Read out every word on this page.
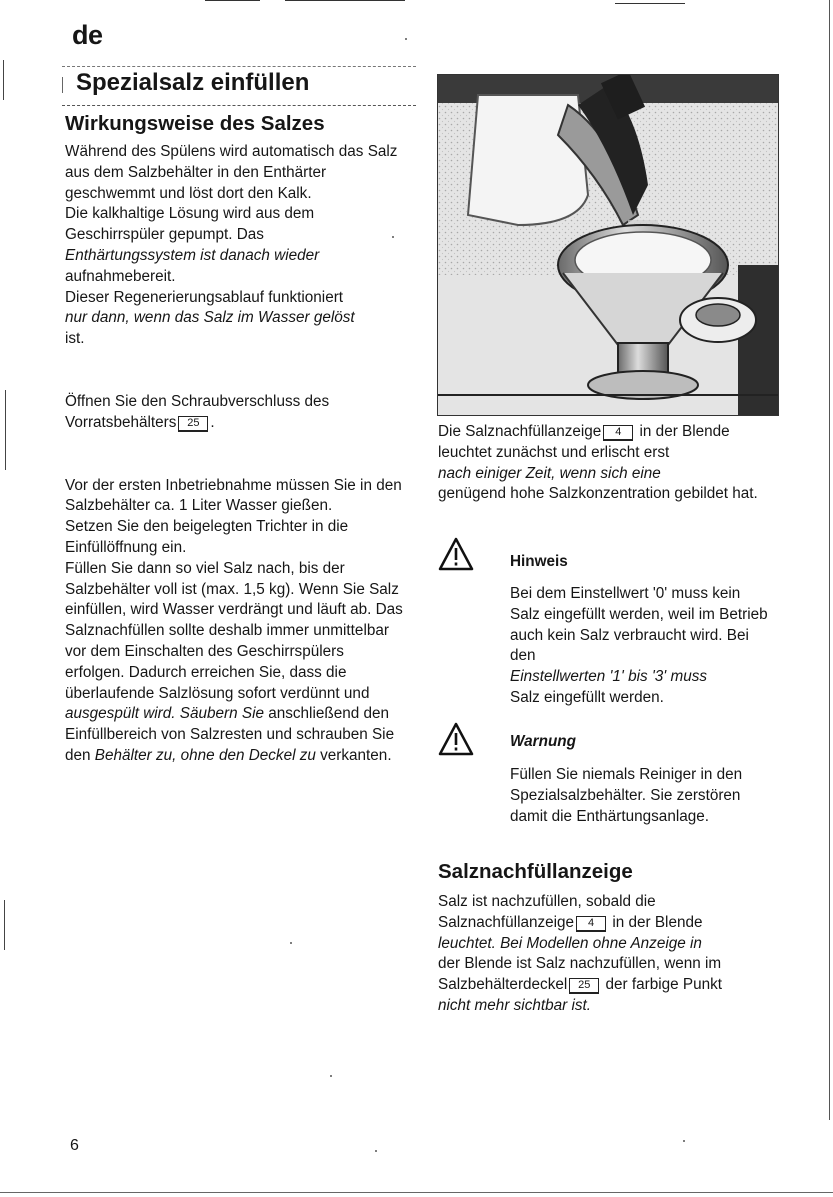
de
Spezialsalz einfüllen
Wirkungsweise des Salzes

Während des Spülens wird automatisch das Salz aus dem Salzbehälter in den Enthärter geschwemmt und löst dort den Kalk.
Die kalkhaltige Lösung wird aus dem Geschirrspüler gepumpt. Das
Enthärtungssystem ist danach wieder
aufnahmebereit.
Dieser Regenerierungsablauf funktioniert
nur dann, wenn das Salz im Wasser gelöst
ist.

Öffnen Sie den Schraubverschluss des Vorratsbehälters 25 .

Vor der ersten Inbetriebnahme müssen Sie in den Salzbehälter ca. 1 Liter Wasser gießen.

Setzen Sie den beigelegten Trichter in die Einfüllöffnung ein.

Füllen Sie dann so viel Salz nach, bis der Salzbehälter voll ist (max. 1,5 kg). Wenn Sie Salz einfüllen, wird Wasser verdrängt und läuft ab. Das Salznachfüllen sollte deshalb immer unmittelbar vor dem Einschalten des Geschirrspülers erfolgen. Dadurch erreichen Sie, dass die überlaufende Salzlösung sofort verdünnt und ausgespült wird. Säubern Sie anschließend den Einfüllbereich von Salzresten und schrauben Sie den Behälter zu, ohne den Deckel zu verkanten.

Die Salznachfüllanzeige 4 in der Blende leuchtet zunächst und erlischt erst
nach einiger Zeit, wenn sich eine
genügend hohe Salzkonzentration gebildet hat.
Hinweis
Bei dem Einstellwert '0' muss kein Salz eingefüllt werden, weil im Betrieb auch kein Salz verbraucht wird. Bei den
Einstellwerten '1' bis '3' muss
Salz eingefüllt werden.
Warnung
Füllen Sie niemals Reiniger in den Spezialsalzbehälter. Sie zerstören damit die Enthärtungsanlage.
Salznachfüllanzeige
Salz ist nachzufüllen, sobald die Salznachfüllanzeige 4 in der Blende
leuchtet. Bei Modellen ohne Anzeige in
der Blende ist Salz nachzufüllen, wenn im Salzbehälterdeckel 25 der farbige Punkt
nicht mehr sichtbar ist.
6
